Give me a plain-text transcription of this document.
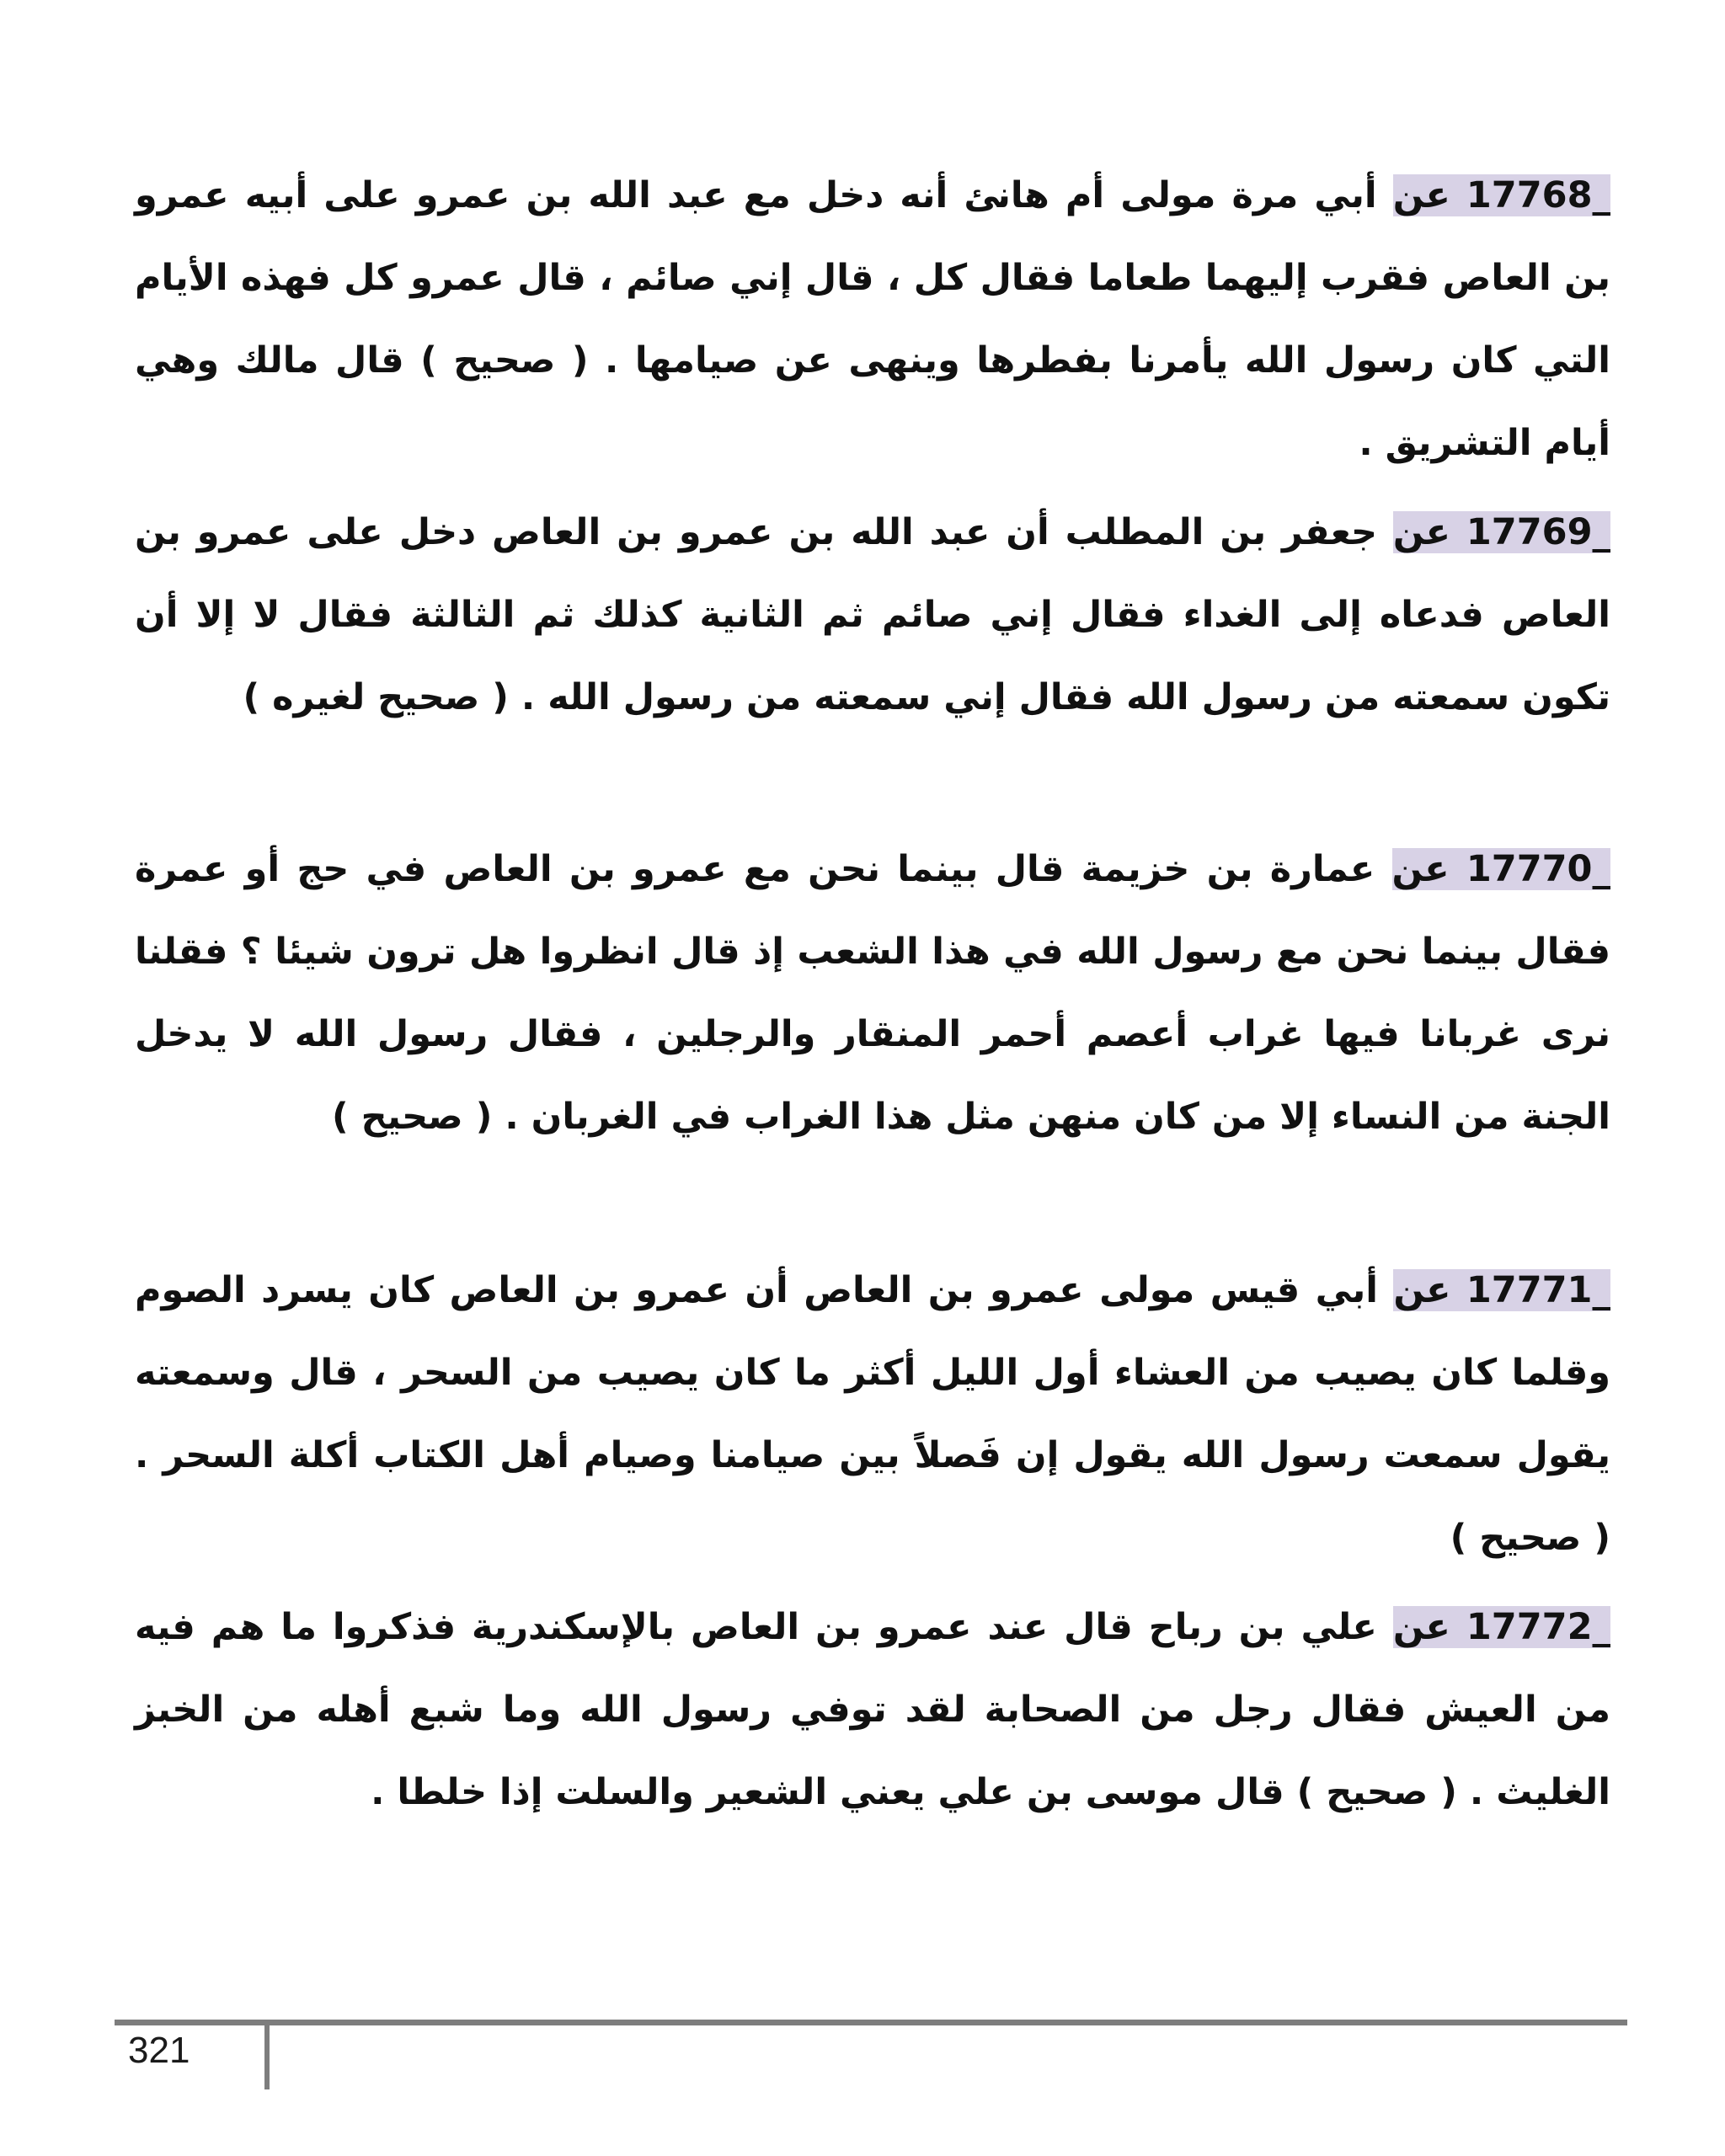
17768_ عن أبي مرة مولى أم هانئ أنه دخل مع عبد الله بن عمرو على أبيه عمرو بن العاص فقرب إليهما طعاما فقال كل ، قال إني صائم ، قال عمرو كل فهذه الأيام التي كان رسول الله يأمرنا بفطرها وينهى عن صيامها . ( صحيح ) قال مالك وهي أيام التشريق .

17769_ عن جعفر بن المطلب أن عبد الله بن عمرو بن العاص دخل على عمرو بن العاص فدعاه إلى الغداء فقال إني صائم ثم الثانية كذلك ثم الثالثة فقال لا إلا أن تكون سمعته من رسول الله فقال إني سمعته من رسول الله . ( صحيح لغيره )

17770_ عن عمارة بن خزيمة قال بينما نحن مع عمرو بن العاص في حج أو عمرة فقال بينما نحن مع رسول الله في هذا الشعب إذ قال انظروا هل ترون شيئا ؟ فقلنا نرى غربانا فيها غراب أعصم أحمر المنقار والرجلين ، فقال رسول الله لا يدخل الجنة من النساء إلا من كان منهن مثل هذا الغراب في الغربان . ( صحيح )

17771_ عن أبي قيس مولى عمرو بن العاص أن عمرو بن العاص كان يسرد الصوم وقلما كان يصيب من العشاء أول الليل أكثر ما كان يصيب من السحر ، قال وسمعته يقول سمعت رسول الله يقول إن فَصلاً بين صيامنا وصيام أهل الكتاب أكلة السحر . ( صحيح )

17772_ عن علي بن رباح قال عند عمرو بن العاص بالإسكندرية فذكروا ما هم فيه من العيش فقال رجل من الصحابة لقد توفي رسول الله وما شبع أهله من الخبز الغليث . ( صحيح ) قال موسى بن علي يعني الشعير والسلت إذا خلطا .

321
